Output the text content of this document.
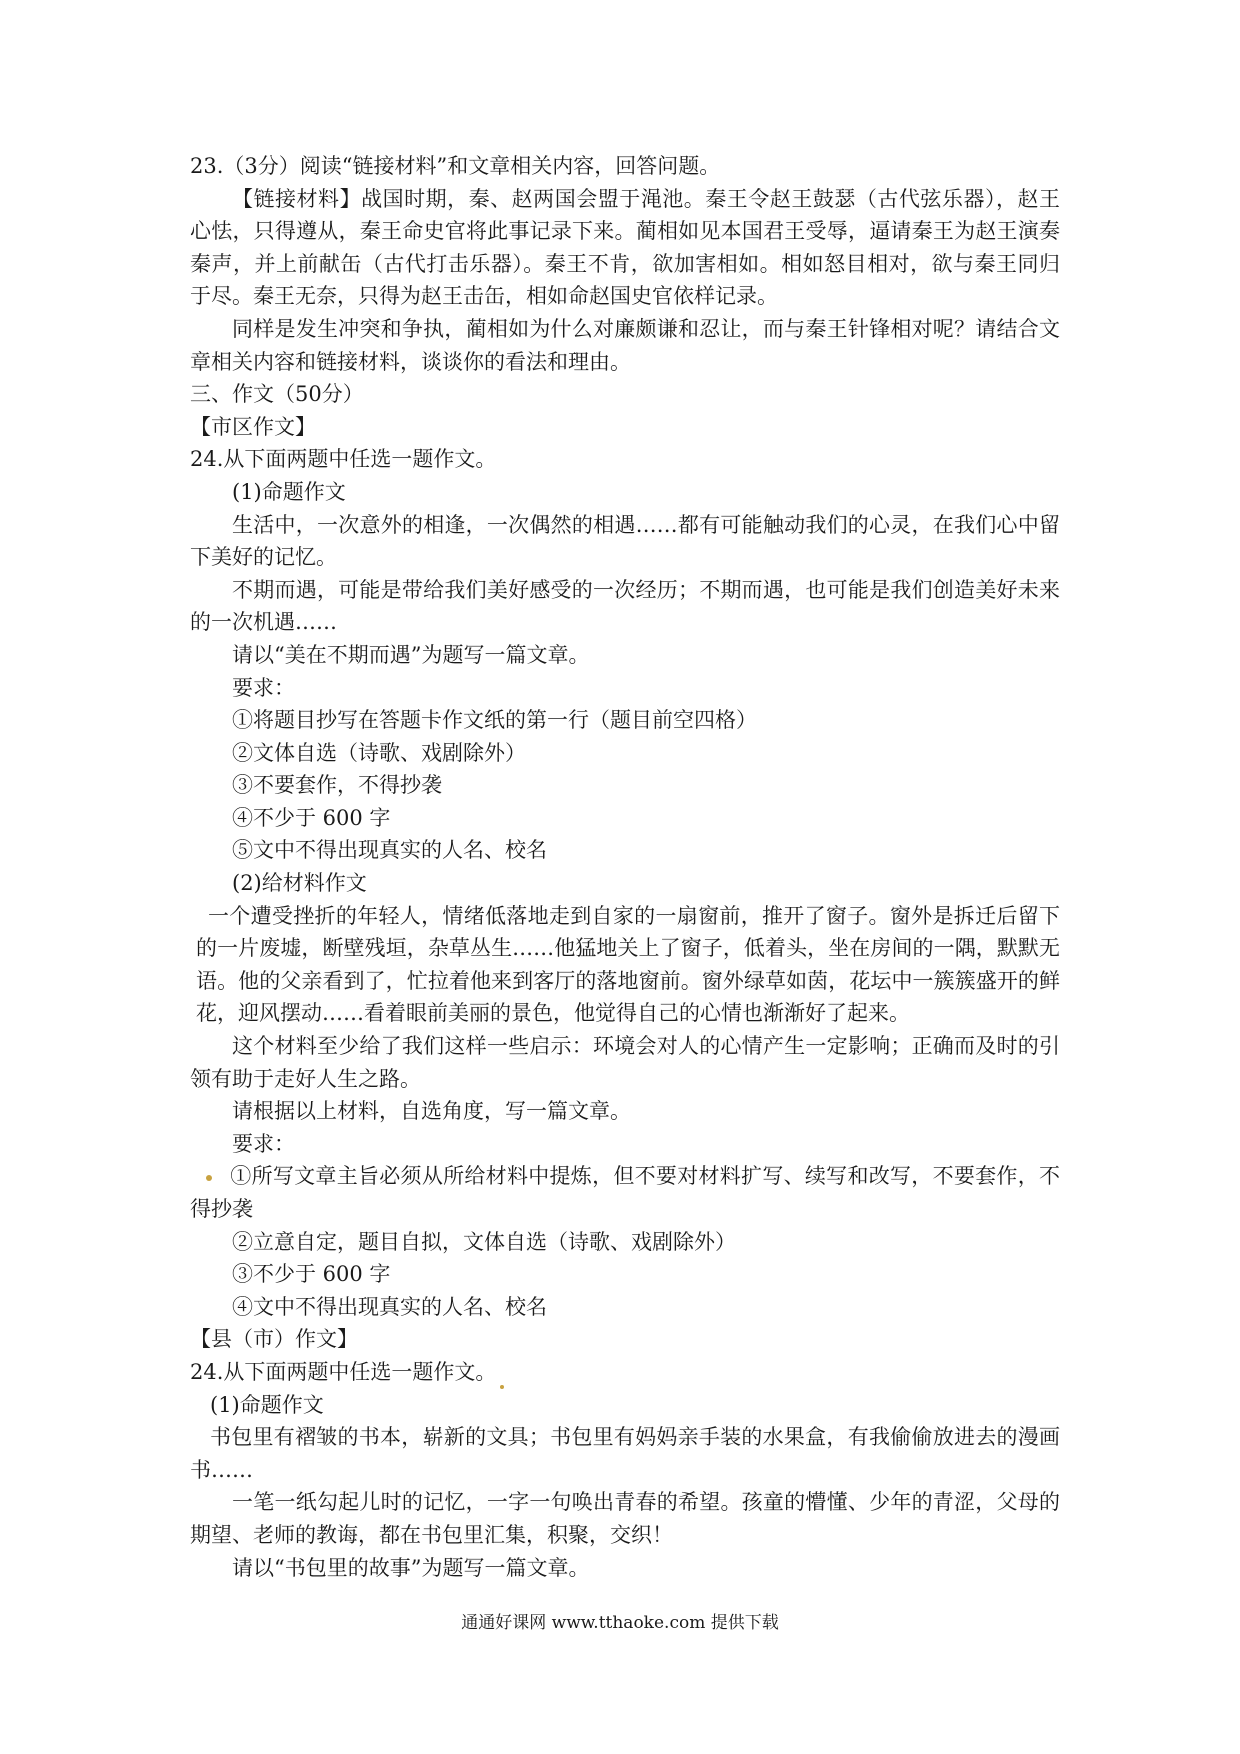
23.（3分）阅读“链接材料”和文章相关内容，回答问题。

【链接材料】战国时期，秦、赵两国会盟于渑池。秦王令赵王鼓瑟（古代弦乐器），赵王心怯，只得遵从，秦王命史官将此事记录下来。蔺相如见本国君王受辱，逼请秦王为赵王演奏秦声，并上前献缶（古代打击乐器）。秦王不肯，欲加害相如。相如怒目相对，欲与秦王同归于尽。秦王无奈，只得为赵王击缶，相如命赵国史官依样记录。

同样是发生冲突和争执，蔺相如为什么对廉颇谦和忍让，而与秦王针锋相对呢？请结合文章相关内容和链接材料，谈谈你的看法和理由。

三、作文（50分）

【市区作文】

24.从下面两题中任选一题作文。

(1)命题作文

生活中，一次意外的相逢，一次偶然的相遇……都有可能触动我们的心灵，在我们心中留下美好的记忆。

不期而遇，可能是带给我们美好感受的一次经历；不期而遇，也可能是我们创造美好未来的一次机遇……

请以“美在不期而遇”为题写一篇文章。

要求：

①将题目抄写在答题卡作文纸的第一行（题目前空四格）

②文体自选（诗歌、戏剧除外）

③不要套作，不得抄袭

④不少于 600 字

⑤文中不得出现真实的人名、校名

(2)给材料作文

一个遭受挫折的年轻人，情绪低落地走到自家的一扇窗前，推开了窗子。窗外是拆迁后留下的一片废墟，断壁残垣，杂草丛生……他猛地关上了窗子，低着头，坐在房间的一隅，默默无语。他的父亲看到了，忙拉着他来到客厅的落地窗前。窗外绿草如茵，花坛中一簇簇盛开的鲜花，迎风摆动……看着眼前美丽的景色，他觉得自己的心情也渐渐好了起来。

这个材料至少给了我们这样一些启示：环境会对人的心情产生一定影响；正确而及时的引领有助于走好人生之路。

请根据以上材料，自选角度，写一篇文章。

要求：

①所写文章主旨必须从所给材料中提炼，但不要对材料扩写、续写和改写，不要套作，不得抄袭

②立意自定，题目自拟，文体自选（诗歌、戏剧除外）

③不少于 600 字

④文中不得出现真实的人名、校名

【县（市）作文】

24.从下面两题中任选一题作文。

(1)命题作文

书包里有褶皱的书本，崭新的文具；书包里有妈妈亲手装的水果盒，有我偷偷放进去的漫画书……

一笔一纸勾起儿时的记忆，一字一句唤出青春的希望。孩童的懵懂、少年的青涩，父母的期望、老师的教诲，都在书包里汇集，积聚，交织！

请以“书包里的故事”为题写一篇文章。

通通好课网 www.tthaoke.com 提供下载
